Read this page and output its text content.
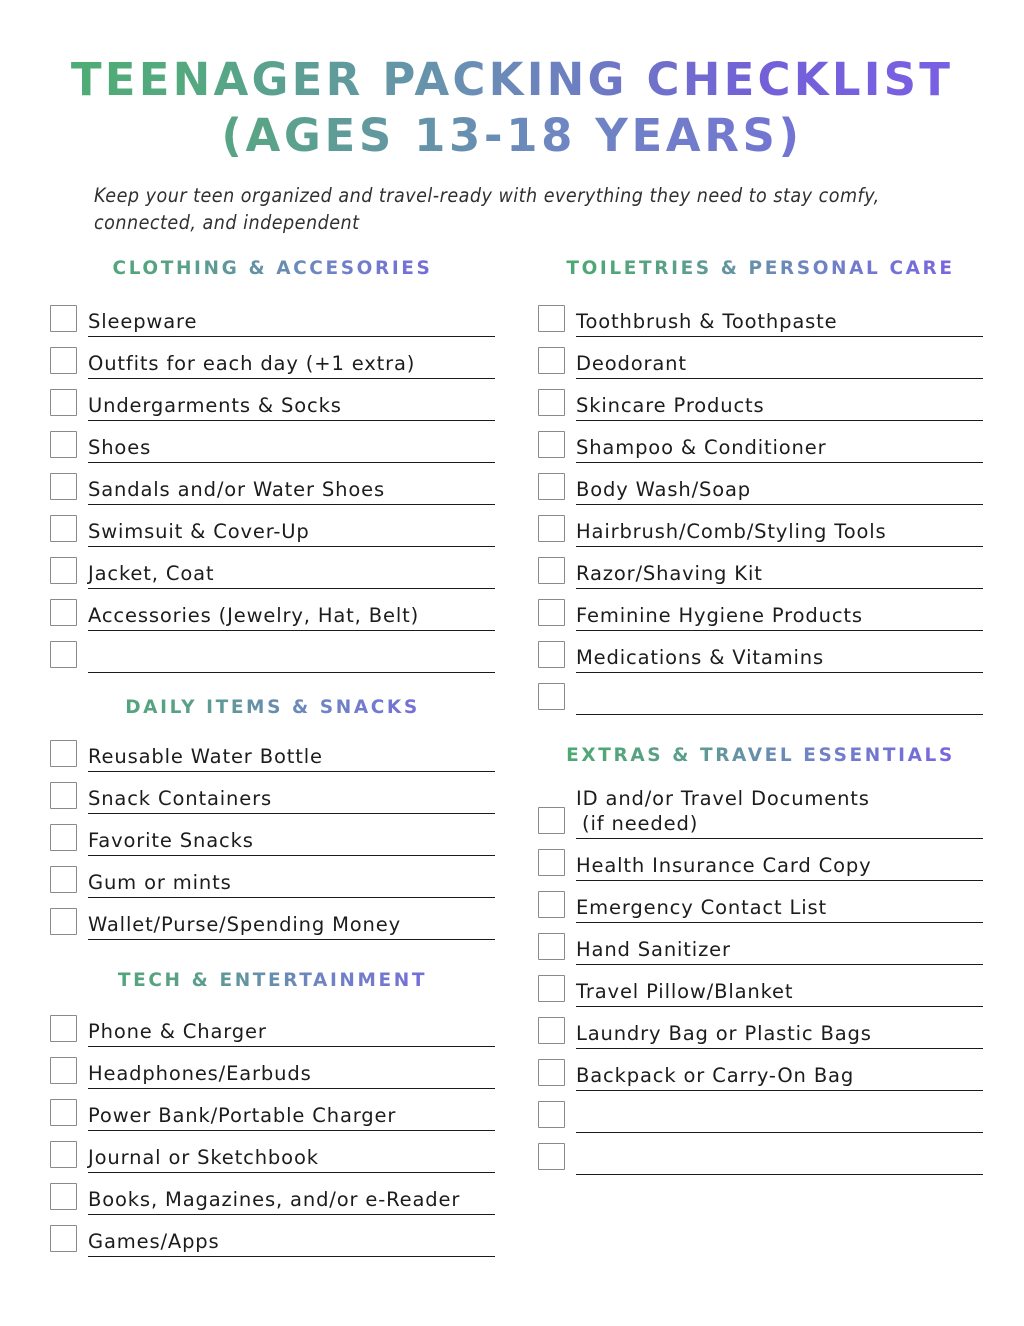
TEENAGER PACKING CHECKLIST
(AGES 13-18 YEARS)
Keep your teen organized and travel-ready with everything they need to stay comfy, connected, and independent
CLOTHING & ACCESORIES
Sleepware
Outfits for each day (+1 extra)
Undergarments & Socks
Shoes
Sandals and/or Water Shoes
Swimsuit & Cover-Up
Jacket, Coat
Accessories (Jewelry, Hat, Belt)
DAILY ITEMS & SNACKS
Reusable Water Bottle
Snack Containers
Favorite Snacks
Gum or mints
Wallet/Purse/Spending Money
TECH & ENTERTAINMENT
Phone & Charger
Headphones/Earbuds
Power Bank/Portable Charger
Journal or Sketchbook
Books, Magazines, and/or e-Reader
Games/Apps
TOILETRIES & PERSONAL CARE
Toothbrush & Toothpaste
Deodorant
Skincare Products
Shampoo & Conditioner
Body Wash/Soap
Hairbrush/Comb/Styling Tools
Razor/Shaving Kit
Feminine Hygiene Products
Medications & Vitamins
EXTRAS & TRAVEL ESSENTIALS
ID and/or Travel Documents
(if needed)
Health Insurance Card Copy
Emergency Contact List
Hand Sanitizer
Travel Pillow/Blanket
Laundry Bag or Plastic Bags
Backpack or Carry-On Bag
